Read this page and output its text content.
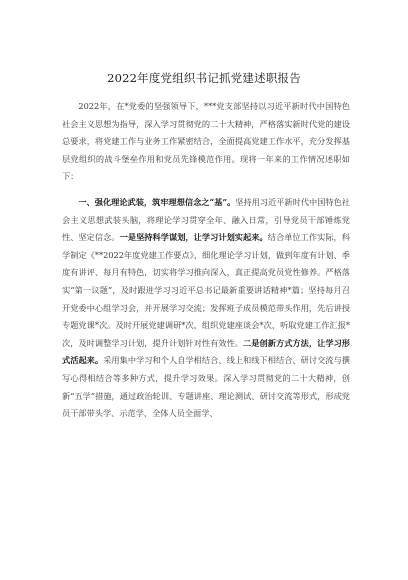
2022年度党组织书记抓党建述职报告

2022年，在*党委的坚强领导下，***党支部坚持以习近平新时代中国特色社会主义思想为指导，深入学习贯彻党的二十大精神，严格落实新时代党的建设总要求，将党建工作与业务工作紧密结合，全面提高党建工作水平，充分发挥基层党组织的战斗堡垒作用和党员先锋模范作用。现将一年来的工作情况述职如下：

一、强化理论武装，筑牢理想信念之“基”。坚持用习近平新时代中国特色社会主义思想武装头脑，将理论学习贯穿全年、融入日常，引导党员干部锤炼党性、坚定信念。一是坚持科学谋划，让学习计划实起来。结合单位工作实际，科学制定《**2022年度党建工作要点》，细化理论学习计划，做到年度有计划、季度有讲评、每月有特色，切实将学习推向深入，真正提高党员党性修养。严格落实“第一议题”，及时跟进学习习近平总书记最新重要讲话精神*篇；坚持每月召开党委中心组学习会，并开展学习交流；发挥班子成员模范带头作用，先后讲授专题党课*次。及时开展党建调研*次，组织党建座谈会*次，听取党建工作汇报*次，及时调整学习计划，提升计划针对性有效性。二是创新方式方法，让学习形式活起来。采用集中学习和个人自学相结合、线上和线下相结合、研讨交流与撰写心得相结合等多种方式，提升学习效果。深入学习贯彻党的二十大精神，创新“五学”措施，通过政治轮训、专题讲座、理论测试、研讨交流等形式，形成党员干部带头学、示范学，全体人员全面学、
